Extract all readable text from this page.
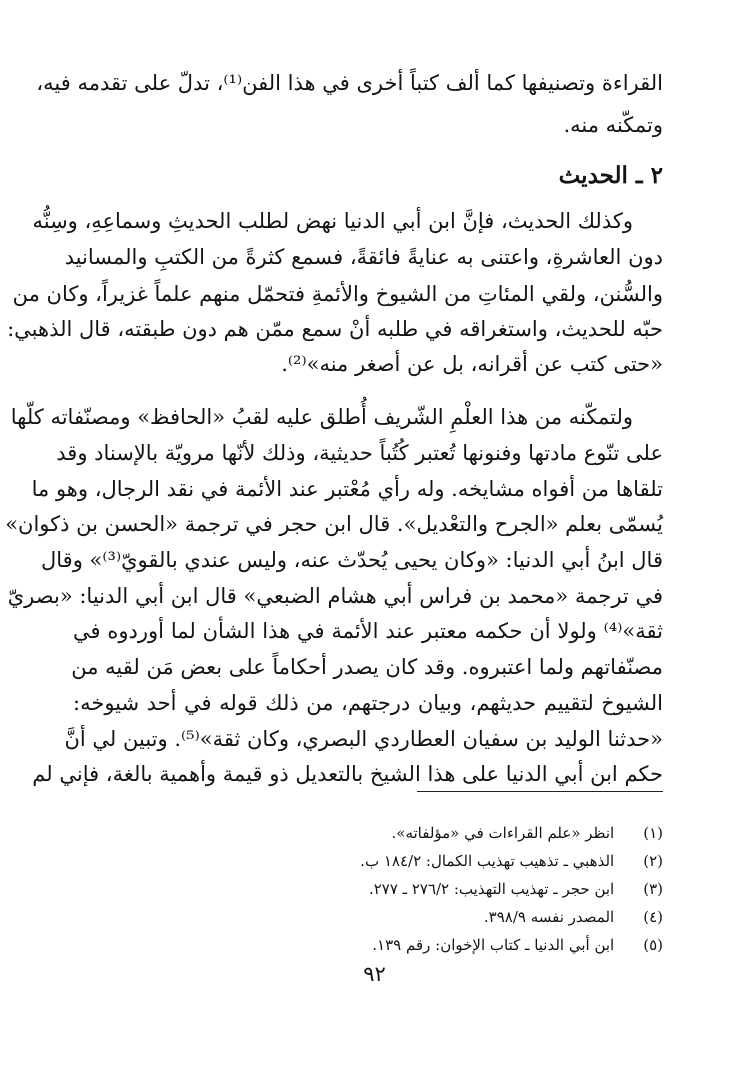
القراءة وتصنيفها كما ألف كتباً أخرى في هذا الفن⁽¹⁾، تدلّ على تقدمه فيه،
وتمكّنه منه.
٢ ـ الحديث
وكذلك الحديث، فإنَّ ابن أبي الدنيا نهض لطلب الحديثِ وسماعِهِ، وسِنُّه
دون العاشرةِ، واعتنى به عنايةً فائقةً، فسمع كثرةً من الكتبِ والمسانيد
والسُّنن، ولقي المئاتِ من الشيوخ والأئمةِ فتحمّل منهم علماً غزيراً، وكان من
حبّه للحديث، واستغراقه في طلبه أنْ سمع ممّن هم دون طبقته، قال الذهبي:
«حتى كتب عن أقرانه، بل عن أصغر منه»⁽²⁾.
ولتمكّنه من هذا العلْمِ الشّريف أُطلق عليه لقبُ «الحافظ» ومصنّفاته كلّها
على تنّوع مادتها وفنونها تُعتبر كُتُباً حديثية، وذلك لأنّها مرويّة بالإسناد وقد
تلقاها من أفواه مشايخه. وله رأي مُعْتبر عند الأئمة في نقد الرجال، وهو ما
يُسمّى بعلم «الجرح والتعْديل». قال ابن حجر في ترجمة «الحسن بن ذكوان»
قال ابنُ أبي الدنيا: «وكان يحيى يُحدّث عنه، وليس عندي بالقويّ⁽³⁾» وقال
في ترجمة «محمد بن فراس أبي هشام الضبعي» قال ابن أبي الدنيا: «بصريّ
ثقة»⁽⁴⁾ ولولا أن حكمه معتبر عند الأئمة في هذا الشأن لما أوردوه في
مصنّفاتهم ولما اعتبروه. وقد كان يصدر أحكاماً على بعض مَن لقيه من
الشيوخ لتقييم حديثهم، وبيان درجتهم، من ذلك قوله في أحد شيوخه:
«حدثنا الوليد بن سفيان العطاردي البصري، وكان ثقة»⁽⁵⁾. وتبين لي أنَّ
حكم ابن أبي الدنيا على هذا الشيخ بالتعديل ذو قيمة وأهمية بالغة، فإني لم
(١) انظر «علم القراءات في «مؤلفاته».
(٢) الذهبي ـ تذهيب تهذيب الكمال: ١٨٤/٢ ب.
(٣) ابن حجر ـ تهذيب التهذيب: ٢٧٦/٢ ـ ٢٧٧.
(٤) المصدر نفسه ٣٩٨/٩.
(٥) ابن أبي الدنيا ـ كتاب الإخوان: رقم ١٣٩.
٩٢
